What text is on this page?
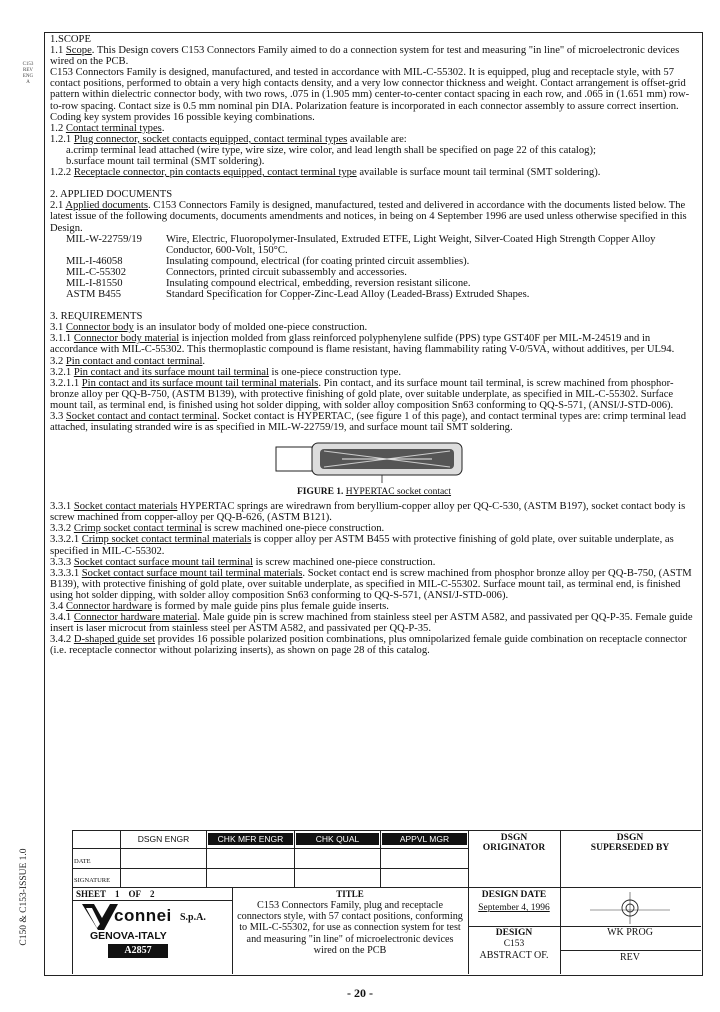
C153
REV
ENG
A
C150 & C153-ISSUE 1.0

1.SCOPE

1.1 Scope. This Design covers C153 Connectors Family aimed to do a connection system for test and measuring "in line" of microelectronic devices wired on the PCB.

C153 Connectors Family is designed, manufactured, and tested in accordance with MIL-C-55302. It is equipped, plug and receptacle style, with 57 contact positions, performed to obtain a very high contacts density, and a very low connector thickness and weight. Contact arrangement is offset-grid pattern within dielectric connector body, with two rows, .075 in (1.905 mm) center-to-center contact spacing in each row, and .065 in (1.651 mm) row-to-row spacing. Contact size is 0.5 mm nominal pin DIA. Polarization feature is incorporated in each connector assembly to assure correct insertion. Coding key system provides 16 possible keying combinations.

1.2 Contact terminal types.

1.2.1 Plug connector, socket contacts equipped, contact terminal types available are:

a.crimp terminal lead attached (wire type, wire size, wire color, and lead length shall be specified on page 22 of this catalog);

b.surface mount tail terminal (SMT soldering).

1.2.2 Receptacle connector, pin contacts equipped, contact terminal type available is surface mount tail terminal (SMT soldering).

2. APPLIED DOCUMENTS

2.1 Applied documents. C153 Connectors Family is designed, manufactured, tested and delivered in accordance with the documents listed below. The latest issue of the following documents, documents amendments and notices, in being on 4 September 1996 are used unless otherwise specified in this Design.

MIL-W-22759/19	Wire, Electric, Fluoropolymer-Insulated, Extruded ETFE, Light Weight, Silver-Coated High Strength Copper Alloy Conductor, 600-Volt, 150°C.
MIL-I-46058	Insulating compound, electrical (for coating printed circuit assemblies).
MIL-C-55302	Connectors, printed circuit subassembly and accessories.
MIL-I-81550	Insulating compound electrical, embedding, reversion resistant silicone.
ASTM B455	Standard Specification for Copper-Zinc-Lead Alloy (Leaded-Brass) Extruded Shapes.

3. REQUIREMENTS

3.1 Connector body is an insulator body of molded one-piece construction.

3.1.1 Connector body material is injection molded from glass reinforced polyphenylene sulfide (PPS) type GST40F per MIL-M-24519 and in accordance with MIL-C-55302. This thermoplastic compound is flame resistant, having flammability rating V-0/5VA, without additives, per UL94.

3.2 Pin contact and contact terminal.

3.2.1 Pin contact and its surface mount tail terminal is one-piece construction type.

3.2.1.1 Pin contact and its surface mount tail terminal materials. Pin contact, and its surface mount tail terminal, is screw machined from phosphor-bronze alloy per QQ-B-750, (ASTM B139), with protective finishing of gold plate, over suitable underplate, as specified in MIL-C-55302. Surface mount tail, as terminal end, is finished using hot solder dipping, with solder alloy composition Sn63 conforming to QQ-S-571, (ANSI/J-STD-006).

3.3 Socket contact and contact terminal. Socket contact is HYPERTAC, (see figure 1 of this page), and contact terminal types are: crimp terminal lead attached, insulating stranded wire is as specified in MIL-W-22759/19, and surface mount tail SMT soldering.

FIGURE 1. HYPERTAC socket contact

3.3.1 Socket contact materials HYPERTAC springs are wiredrawn from beryllium-copper alloy per QQ-C-530, (ASTM B197), socket contact body is screw machined from copper-alloy per QQ-B-626, (ASTM B121).

3.3.2 Crimp socket contact terminal is screw machined one-piece construction.

3.3.2.1 Crimp socket contact terminal materials is copper alloy per ASTM B455 with protective finishing of gold plate, over suitable underplate, as specified in MIL-C-55302.

3.3.3 Socket contact surface mount tail terminal is screw machined one-piece construction.

3.3.3.1 Socket contact surface mount tail terminal materials. Socket contact end is screw machined from phosphor bronze alloy per QQ-B-750, (ASTM B139), with protective finishing of gold plate, over suitable underplate, as specified in MIL-C-55302. Surface mount tail, as terminal end, is finished using hot solder dipping, with solder alloy composition Sn63 conforming to QQ-S-571, (ANSI/J-STD-006).

3.4 Connector hardware is formed by male guide pins plus female guide inserts.

3.4.1 Connector hardware material. Male guide pin is screw machined from stainless steel per ASTM A582, and passivated per QQ-P-35. Female guide insert is laser microcut from stainless steel per ASTM A582, and passivated per QQ-P-35.

3.4.2 D-shaped guide set provides 16 possible polarized position combinations, plus omnipolarized female guide combination on receptacle connector (i.e. receptacle connector without polarizing inserts), as shown on page 28 of this catalog.

DSGN ENGR	CHK MFR ENGR	CHK QUAL	APPVL MGR
DATE
SIGNATURE
DSGN
ORIGINATOR
DSGN
SUPERSEDED BY
SHEET 1 OF 2
connei S.p.A.
GENOVA-ITALY
A2857
TITLE
C153 Connectors Family, plug and receptacle connectors style, with 57 contact positions, conforming to MIL-C-55302, for use as connection system for test and measuring "in line" of microelectronic devices wired on the PCB
DESIGN DATE
September 4, 1996
DESIGN
C153
ABSTRACT OF.
WK PROG
REV
- 20 -
